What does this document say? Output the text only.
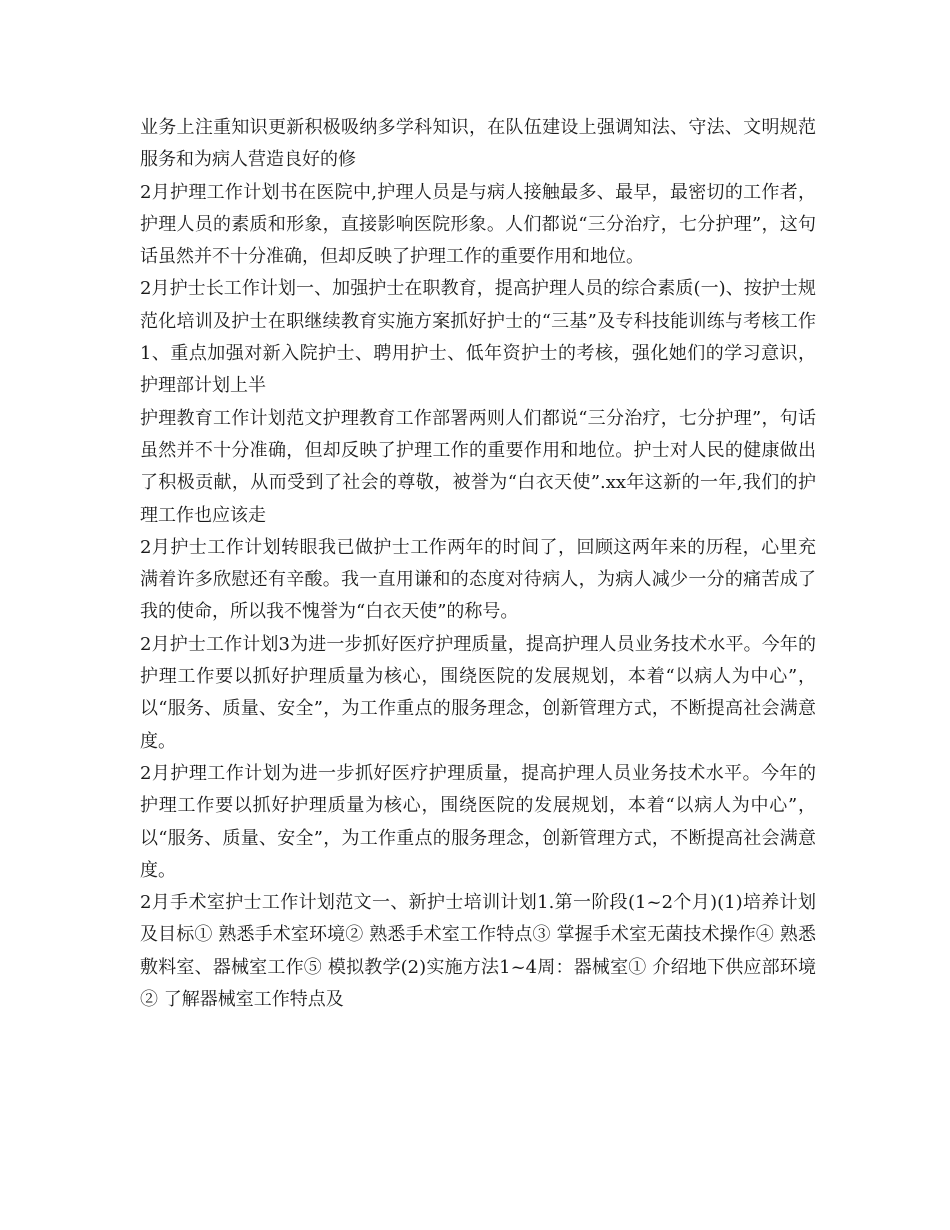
业务上注重知识更新积极吸纳多学科知识，在队伍建设上强调知法、守法、文明规范服务和为病人营造良好的修

2月护理工作计划书在医院中,护理人员是与病人接触最多、最早，最密切的工作者，护理人员的素质和形象，直接影响医院形象。人们都说“三分治疗，七分护理”，这句话虽然并不十分准确，但却反映了护理工作的重要作用和地位。

2月护士长工作计划一、加强护士在职教育，提高护理人员的综合素质(一)、按护士规范化培训及护士在职继续教育实施方案抓好护士的“三基”及专科技能训练与考核工作1、重点加强对新入院护士、聘用护士、低年资护士的考核，强化她们的学习意识，护理部计划上半

护理教育工作计划范文护理教育工作部署两则人们都说“三分治疗，七分护理”，句话虽然并不十分准确，但却反映了护理工作的重要作用和地位。护士对人民的健康做出了积极贡献，从而受到了社会的尊敬，被誉为“白衣天使”.xx年这新的一年,我们的护理工作也应该走

2月护士工作计划转眼我已做护士工作两年的时间了，回顾这两年来的历程，心里充满着许多欣慰还有辛酸。我一直用谦和的态度对待病人，为病人减少一分的痛苦成了我的使命，所以我不愧誉为“白衣天使”的称号。

2月护士工作计划3为进一步抓好医疗护理质量，提高护理人员业务技术水平。今年的护理工作要以抓好护理质量为核心，围绕医院的发展规划，本着“以病人为中心”，以“服务、质量、安全”，为工作重点的服务理念，创新管理方式，不断提高社会满意度。

2月护理工作计划为进一步抓好医疗护理质量，提高护理人员业务技术水平。今年的护理工作要以抓好护理质量为核心，围绕医院的发展规划，本着“以病人为中心”，以“服务、质量、安全”，为工作重点的服务理念，创新管理方式，不断提高社会满意度。

2月手术室护士工作计划范文一、新护士培训计划1.第一阶段(1~2个月)(1)培养计划及目标① 熟悉手术室环境② 熟悉手术室工作特点③ 掌握手术室无菌技术操作④ 熟悉敷料室、器械室工作⑤ 模拟教学(2)实施方法1~4周：器械室① 介绍地下供应部环境② 了解器械室工作特点及
